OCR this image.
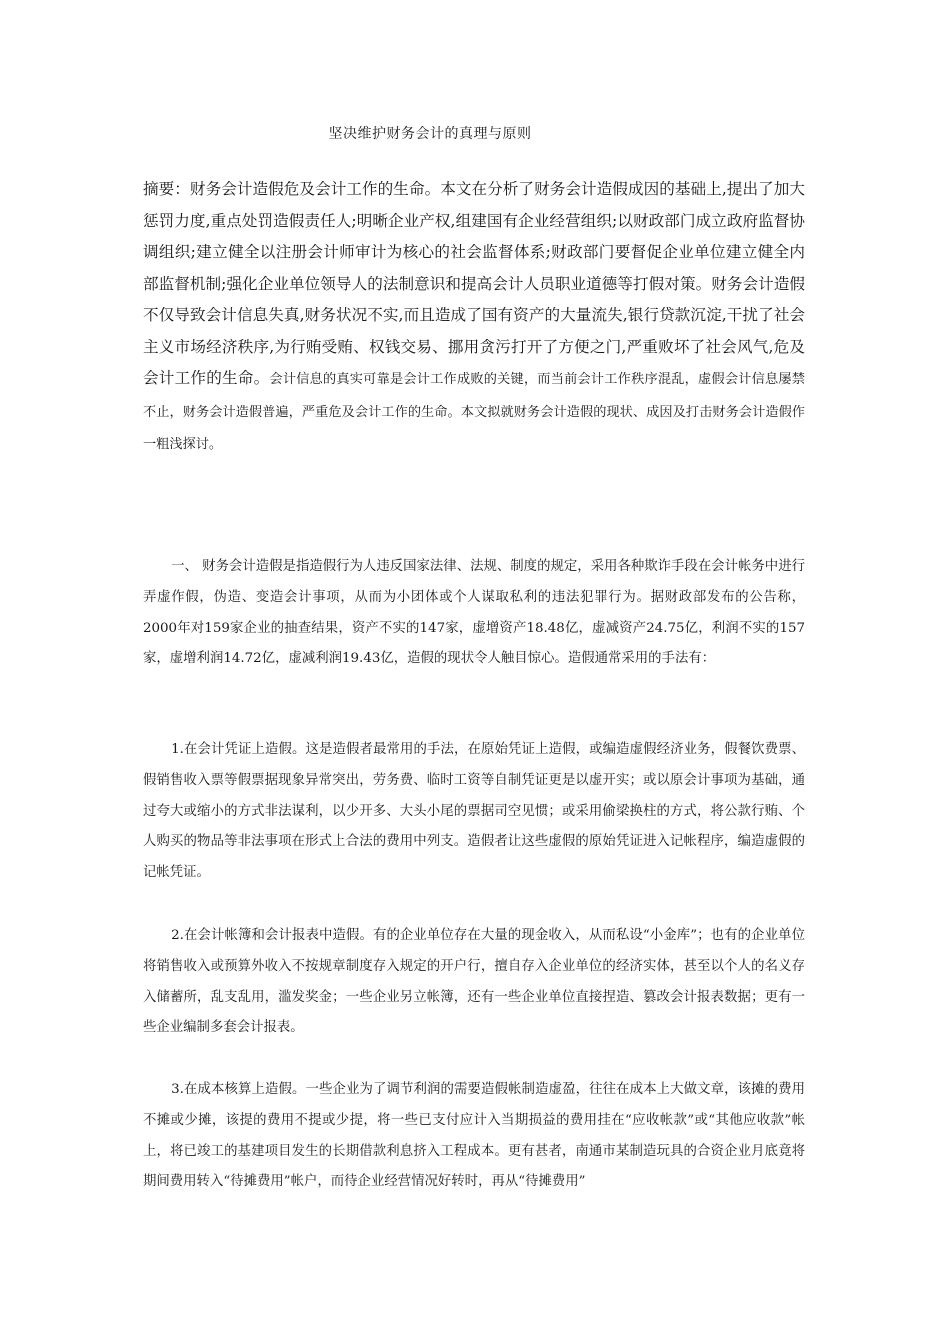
坚决维护财务会计的真理与原则

摘要：财务会计造假危及会计工作的生命。本文在分析了财务会计造假成因的基础上,提出了加大惩罚力度,重点处罚造假责任人;明晰企业产权,组建国有企业经营组织;以财政部门成立政府监督协调组织;建立健全以注册会计师审计为核心的社会监督体系;财政部门要督促企业单位建立健全内部监督机制;强化企业单位领导人的法制意识和提高会计人员职业道德等打假对策。财务会计造假不仅导致会计信息失真,财务状况不实,而且造成了国有资产的大量流失,银行贷款沉淀,干扰了社会主义市场经济秩序,为行贿受贿、权钱交易、挪用贪污打开了方便之门,严重败坏了社会风气,危及会计工作的生命。会计信息的真实可靠是会计工作成败的关键，而当前会计工作秩序混乱，虚假会计信息屡禁不止，财务会计造假普遍，严重危及会计工作的生命。本文拟就财务会计造假的现状、成因及打击财务会计造假作一粗浅探讨。

一、 财务会计造假是指造假行为人违反国家法律、法规、制度的规定，采用各种欺诈手段在会计帐务中进行弄虚作假，伪造、变造会计事项，从而为小团体或个人谋取私利的违法犯罪行为。据财政部发布的公告称，2000年对159家企业的抽查结果，资产不实的147家，虚增资产18.48亿，虚减资产24.75亿，利润不实的157家，虚增利润14.72亿，虚减利润19.43亿，造假的现状令人触目惊心。造假通常采用的手法有：

1.在会计凭证上造假。这是造假者最常用的手法，在原始凭证上造假，或编造虚假经济业务，假餐饮费票、假销售收入票等假票据现象异常突出，劳务费、临时工资等自制凭证更是以虚开实；或以原会计事项为基础，通过夸大或缩小的方式非法谋利，以少开多、大头小尾的票据司空见惯；或采用偷梁换柱的方式，将公款行贿、个人购买的物品等非法事项在形式上合法的费用中列支。造假者让这些虚假的原始凭证进入记帐程序，编造虚假的记帐凭证。

2.在会计帐簿和会计报表中造假。有的企业单位存在大量的现金收入，从而私设“小金库”；也有的企业单位将销售收入或预算外收入不按规章制度存入规定的开户行，擅自存入企业单位的经济实体，甚至以个人的名义存入储蓄所，乱支乱用，滥发奖金；一些企业另立帐簿，还有一些企业单位直接捏造、篡改会计报表数据；更有一些企业编制多套会计报表。

3.在成本核算上造假。一些企业为了调节利润的需要造假帐制造虚盈，往往在成本上大做文章，该摊的费用不摊或少摊，该提的费用不提或少提，将一些已支付应计入当期损益的费用挂在“应收帐款”或“其他应收款”帐上，将已竣工的基建项目发生的长期借款利息挤入工程成本。更有甚者，南通市某制造玩具的合资企业月底竟将期间费用转入“待摊费用”帐户，而待企业经营情况好转时，再从“待摊费用”
